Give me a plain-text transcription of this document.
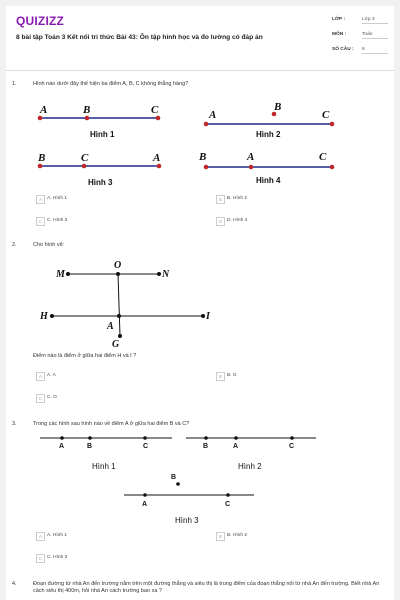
QUIZIZZ
8 bài tập Toán 3 Kết nối tri thức Bài 43: Ôn tập hình học và đo lường có đáp án
LỚP :	Lớp 3
MÔN :	Toán
SỐ CÂU : 8
1.	Hình nào dưới đây thể hiện ba điểm A, B, C không thẳng hàng?
A	B	C
Hình 1
A
B
C
Hình 2
B	C	A
Hình 3
B	A	C
Hình 4
A	A. Hình 1	B	B. Hình 2
C	C. Hình 3	D	D. Hình 4
2.	Cho hình vẽ:
O
M	N
H	I
A
G
Điểm nào là điểm ở giữa hai điểm H và I ?
A	A. A	B	B. G
C	C. O
3.	Trong các hình sau hình nào về điểm A ở giữa hai điểm B và C?
A	B	C
Hình 1
B	A	C
Hình 2
B
A	C
Hình 3
A	A. Hình 1	B	B. Hình 2
C	C. Hình 3
4.	Đoạn đường từ nhà An đến trường nằm trên một đường thẳng và siêu thị là trung điểm của đoạn thẳng nối từ nhà An đến trường. Biết nhà An cách siêu thị 400m, hỏi nhà An cách trường bao xa ?
